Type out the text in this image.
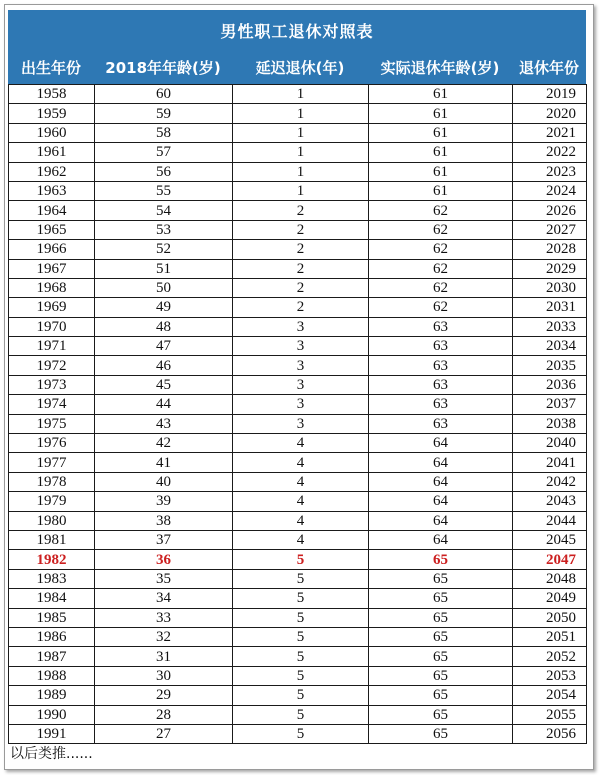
男性职工退休对照表
出生年份	2018年年龄(岁)	延迟退休(年)	实际退休年龄(岁)	退休年份
1958	60	1	61	2019
1959	59	1	61	2020
1960	58	1	61	2021
1961	57	1	61	2022
1962	56	1	61	2023
1963	55	1	61	2024
1964	54	2	62	2026
1965	53	2	62	2027
1966	52	2	62	2028
1967	51	2	62	2029
1968	50	2	62	2030
1969	49	2	62	2031
1970	48	3	63	2033
1971	47	3	63	2034
1972	46	3	63	2035
1973	45	3	63	2036
1974	44	3	63	2037
1975	43	3	63	2038
1976	42	4	64	2040
1977	41	4	64	2041
1978	40	4	64	2042
1979	39	4	64	2043
1980	38	4	64	2044
1981	37	4	64	2045
1982	36	5	65	2047
1983	35	5	65	2048
1984	34	5	65	2049
1985	33	5	65	2050
1986	32	5	65	2051
1987	31	5	65	2052
1988	30	5	65	2053
1989	29	5	65	2054
1990	28	5	65	2055
1991	27	5	65	2056
以后类推......
